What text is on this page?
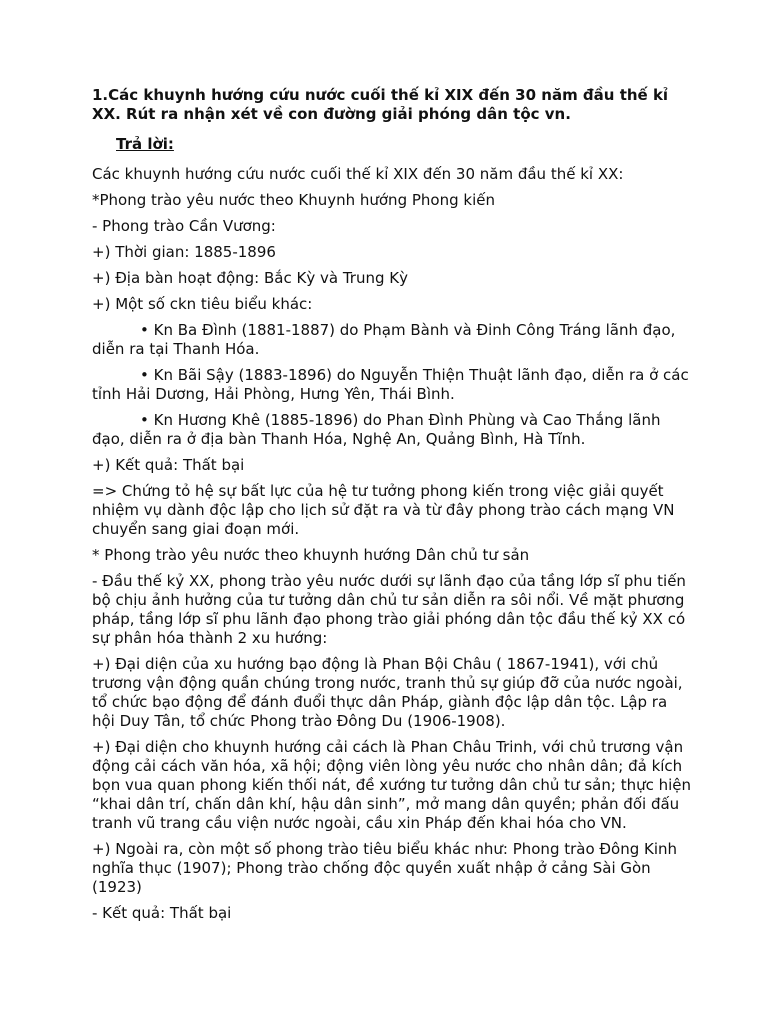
1.Các khuynh hướng cứu nước cuối thế kỉ XIX đến 30 năm đầu thế kỉ XX. Rút ra nhận xét về con đường giải phóng dân tộc vn.
Trả lời:

Các khuynh hướng cứu nước cuối thế kỉ XIX đến 30 năm đầu thế kỉ XX:

*Phong trào yêu nước theo Khuynh hướng Phong kiến

- Phong trào Cần Vương:

+) Thời gian: 1885-1896

+) Địa bàn hoạt động: Bắc Kỳ và Trung Kỳ

+) Một số ckn tiêu biểu khác:

• Kn Ba Đình (1881-1887) do Phạm Bành và Đinh Công Tráng lãnh đạo, diễn ra tại Thanh Hóa.

• Kn Bãi Sậy (1883-1896) do Nguyễn Thiện Thuật lãnh đạo, diễn ra ở các tỉnh Hải Dương, Hải Phòng, Hưng Yên, Thái Bình.

• Kn Hương Khê (1885-1896) do Phan Đình Phùng và Cao Thắng lãnh đạo, diễn ra ở địa bàn Thanh Hóa, Nghệ An, Quảng Bình, Hà Tĩnh.

+) Kết quả: Thất bại

=> Chứng tỏ hệ sự bất lực của hệ tư tưởng phong kiến trong việc giải quyết nhiệm vụ dành độc lập cho lịch sử đặt ra và từ đây phong trào cách mạng VN chuyển sang giai đoạn mới.

* Phong trào yêu nước theo khuynh hướng Dân chủ tư sản

- Đầu thế kỷ XX, phong trào yêu nước dưới sự lãnh đạo của tầng lớp sĩ phu tiến bộ chịu ảnh hưởng của tư tưởng dân chủ tư sản diễn ra sôi nổi. Về mặt phương pháp, tầng lớp sĩ phu lãnh đạo phong trào giải phóng dân tộc đầu thế kỷ XX có sự phân hóa thành 2 xu hướng:

+) Đại diện của xu hướng bạo động là Phan Bội Châu ( 1867-1941), với chủ trương vận động quần chúng trong nước, tranh thủ sự giúp đỡ của nước ngoài, tổ chức bạo động để đánh đuổi thực dân Pháp, giành độc lập dân tộc. Lập ra hội Duy Tân, tổ chức Phong trào Đông Du (1906-1908).

+) Đại diện cho khuynh hướng cải cách là Phan Châu Trinh, với chủ trương vận động cải cách văn hóa, xã hội; động viên lòng yêu nước cho nhân dân; đả kích bọn vua quan phong kiến thối nát, đề xướng tư tưởng dân chủ tư sản; thực hiện “khai dân trí, chấn dân khí, hậu dân sinh”, mở mang dân quyền; phản đối đấu tranh vũ trang cầu viện nước ngoài, cầu xin Pháp đến khai hóa cho VN.

+) Ngoài ra, còn một số phong trào tiêu biểu khác như: Phong trào Đông Kinh nghĩa thục (1907); Phong trào chống độc quyền xuất nhập ở cảng Sài Gòn (1923)

- Kết quả: Thất bại
